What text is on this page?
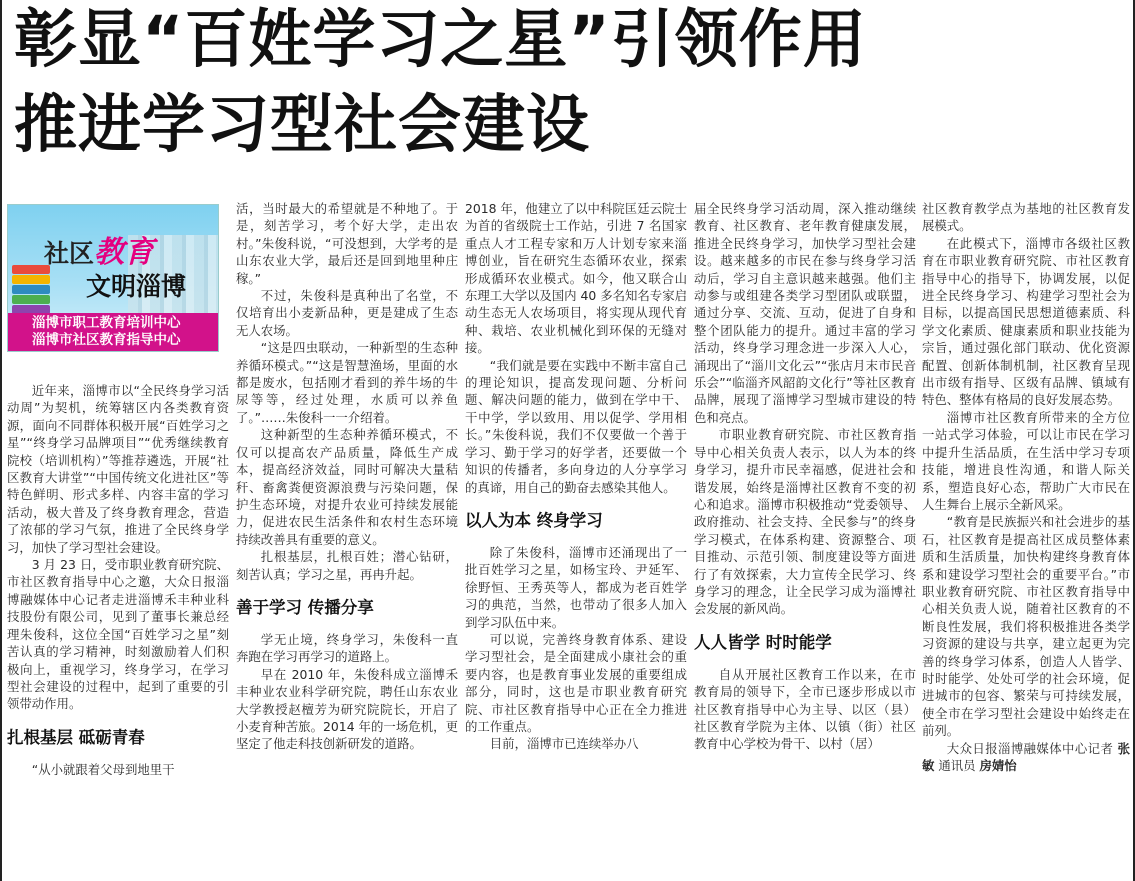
彰显“百姓学习之星”引领作用
推进学习型社会建设
社区教育
文明淄博
淄博市职工教育培训中心
淄博市社区教育指导中心

近年来，淄博市以“全民终身学习活动周”为契机，统筹辖区内各类教育资源，面向不同群体积极开展“百姓学习之星”“终身学习品牌项目”“优秀继续教育院校（培训机构）”等推荐遴选，开展“社区教育大讲堂”“中国传统文化进社区”等特色鲜明、形式多样、内容丰富的学习活动，极大普及了终身教育理念，营造了浓郁的学习气氛，推进了全民终身学习，加快了学习型社会建设。

3 月 23 日，受市职业教育研究院、市社区教育指导中心之邀，大众日报淄博融媒体中心记者走进淄博禾丰种业科技股份有限公司，见到了董事长兼总经理朱俊科，这位全国“百姓学习之星”刻苦认真的学习精神，时刻激励着人们积极向上，重视学习，终身学习，在学习型社会建设的过程中，起到了重要的引领带动作用。

扎根基层 砥砺青春

“从小就跟着父母到地里干

活，当时最大的希望就是不种地了。于是，刻苦学习，考个好大学，走出农村。”朱俊科说，“可没想到，大学考的是山东农业大学，最后还是回到地里种庄稼。”

不过，朱俊科是真种出了名堂，不仅培育出小麦新品种，更是建成了生态无人农场。

“这是四虫联动，一种新型的生态种养循环模式。”“这是智慧渔场，里面的水都是废水，包括刚才看到的养牛场的牛尿等等，经过处理，水质可以养鱼了。”……朱俊科一一介绍着。

这种新型的生态种养循环模式，不仅可以提高农产品质量，降低生产成本，提高经济效益，同时可解决大量秸秆、畜禽粪便资源浪费与污染问题，保护生态环境，对提升农业可持续发展能力，促进农民生活条件和农村生态环境持续改善具有重要的意义。

扎根基层，扎根百姓；潜心钻研，刻苦认真；学习之星，再冉升起。

善于学习 传播分享

学无止境，终身学习，朱俊科一直奔跑在学习再学习的道路上。

早在 2010 年，朱俊科成立淄博禾丰种业农业科学研究院，聘任山东农业大学教授赵檀芳为研究院院长，开启了小麦育种苦旅。2014 年的一场危机，更坚定了他走科技创新研发的道路。

2018 年，他建立了以中科院匡廷云院士为首的省级院士工作站，引进 7 名国家重点人才工程专家和万人计划专家来淄博创业，旨在研究生态循环农业，探索形成循环农业模式。如今，他又联合山东理工大学以及国内 40 多名知名专家启动生态无人农场项目，将实现从现代育种、栽培、农业机械化到环保的无缝对接。

“我们就是要在实践中不断丰富自己的理论知识，提高发现问题、分析问题、解决问题的能力，做到在学中干、干中学，学以致用、用以促学、学用相长。”朱俊科说，我们不仅要做一个善于学习、勤于学习的好学者，还要做一个知识的传播者，多向身边的人分享学习的真谛，用自己的勤奋去感染其他人。

以人为本 终身学习

除了朱俊科，淄博市还涌现出了一批百姓学习之星，如杨宝玲、尹延军、徐野恒、王秀英等人，都成为老百姓学习的典范，当然，也带动了很多人加入到学习队伍中来。

可以说，完善终身教育体系、建设学习型社会，是全面建成小康社会的重要内容，也是教育事业发展的重要组成部分，同时，这也是市职业教育研究院、市社区教育指导中心正在全力推进的工作重点。

目前，淄博市已连续举办八

届全民终身学习活动周，深入推动继续教育、社区教育、老年教育健康发展，推进全民终身学习，加快学习型社会建设。越来越多的市民在参与终身学习活动后，学习自主意识越来越强。他们主动参与或组建各类学习型团队或联盟，通过分享、交流、互动，促进了自身和整个团队能力的提升。通过丰富的学习活动，终身学习理念进一步深入人心，涌现出了“淄川文化云”“张店月末市民音乐会”“临淄齐风韶韵文化行”等社区教育品牌，展现了淄博学习型城市建设的特色和亮点。

市职业教育研究院、市社区教育指导中心相关负责人表示，以人为本的终身学习，提升市民幸福感，促进社会和谐发展，始终是淄博社区教育不变的初心和追求。淄博市积极推动“党委领导、政府推动、社会支持、全民参与”的终身学习模式，在体系构建、资源整合、项目推动、示范引领、制度建设等方面进行了有效探索，大力宣传全民学习、终身学习的理念，让全民学习成为淄博社会发展的新风尚。

人人皆学 时时能学

自从开展社区教育工作以来，在市教育局的领导下，全市已逐步形成以市社区教育指导中心为主导、以区（县）社区教育学院为主体、以镇（街）社区教育中心学校为骨干、以村（居）

社区教育教学点为基地的社区教育发展模式。

在此模式下，淄博市各级社区教育在市职业教育研究院、市社区教育指导中心的指导下，协调发展，以促进全民终身学习、构建学习型社会为目标，以提高国民思想道德素质、科学文化素质、健康素质和职业技能为宗旨，通过强化部门联动、优化资源配置、创新体制机制，社区教育呈现出市级有指导、区级有品牌、镇域有特色、整体有格局的良好发展态势。

淄博市社区教育所带来的全方位一站式学习体验，可以让市民在学习中提升生活品质，在生活中学习专项技能，增进良性沟通，和谐人际关系，塑造良好心态，帮助广大市民在人生舞台上展示全新风采。

“教育是民族振兴和社会进步的基石，社区教育是提高社区成员整体素质和生活质量，加快构建终身教育体系和建设学习型社会的重要平台。”市职业教育研究院、市社区教育指导中心相关负责人说，随着社区教育的不断良性发展，我们将积极推进各类学习资源的建设与共享，建立起更为完善的终身学习体系，创造人人皆学、时时能学、处处可学的社会环境，促进城市的包容、繁荣与可持续发展，使全市在学习型社会建设中始终走在前列。

大众日报淄博融媒体中心记者 张敏 通讯员 房婧怡
